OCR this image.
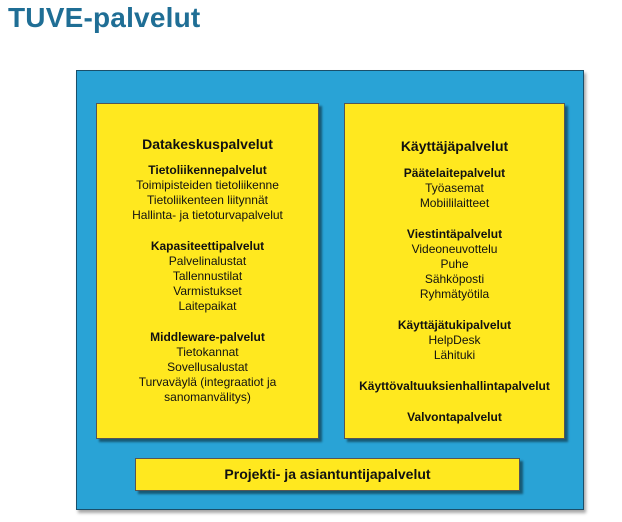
TUVE-palvelut
Datakeskuspalvelut
Tietoliikennepalvelut
Toimipisteiden tietoliikenne
Tietoliikenteen liitynnät
Hallinta- ja tietoturvapalvelut
Kapasiteettipalvelut
Palvelinalustat
Tallennustilat
Varmistukset
Laitepaikat
Middleware-palvelut
Tietokannat
Sovellusalustat
Turvaväylä (integraatiot ja
sanomanvälitys)
Käyttäjäpalvelut
Päätelaitepalvelut
Työasemat
Mobiililaitteet
Viestintäpalvelut
Videoneuvottelu
Puhe
Sähköposti
Ryhmätyötila
Käyttäjätukipalvelut
HelpDesk
Lähituki
Käyttövaltuuksienhallintapalvelut
Valvontapalvelut
Projekti- ja asiantuntijapalvelut
